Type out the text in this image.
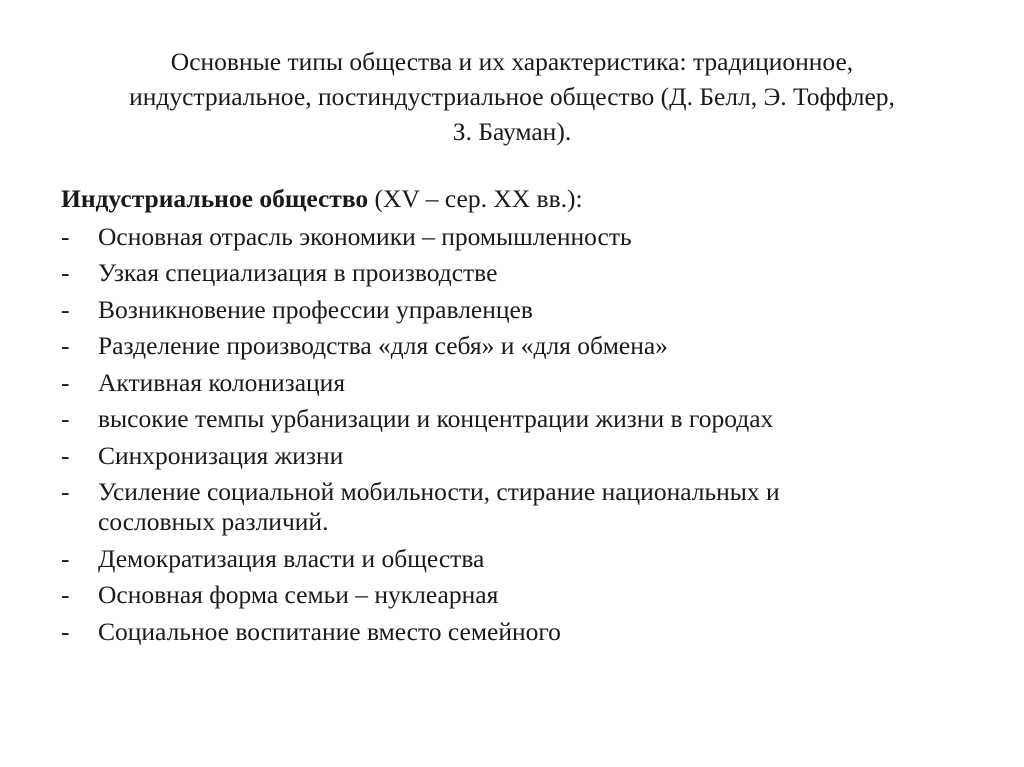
Основные типы общества и их характеристика: традиционное,
индустриальное, постиндустриальное общество (Д. Белл, Э. Тоффлер,
З. Бауман).
Индустриальное общество (XV – сер. XX вв.):
- Основная отрасль экономики – промышленность
- Узкая специализация в производстве
- Возникновение профессии управленцев
- Разделение производства «для себя» и «для обмена»
- Активная колонизация
- высокие темпы урбанизации и концентрации жизни в городах
- Синхронизация жизни
- Усиление социальной мобильности, стирание национальных и сословных различий.
- Демократизация власти и общества
- Основная форма семьи – нуклеарная
- Социальное воспитание вместо семейного
